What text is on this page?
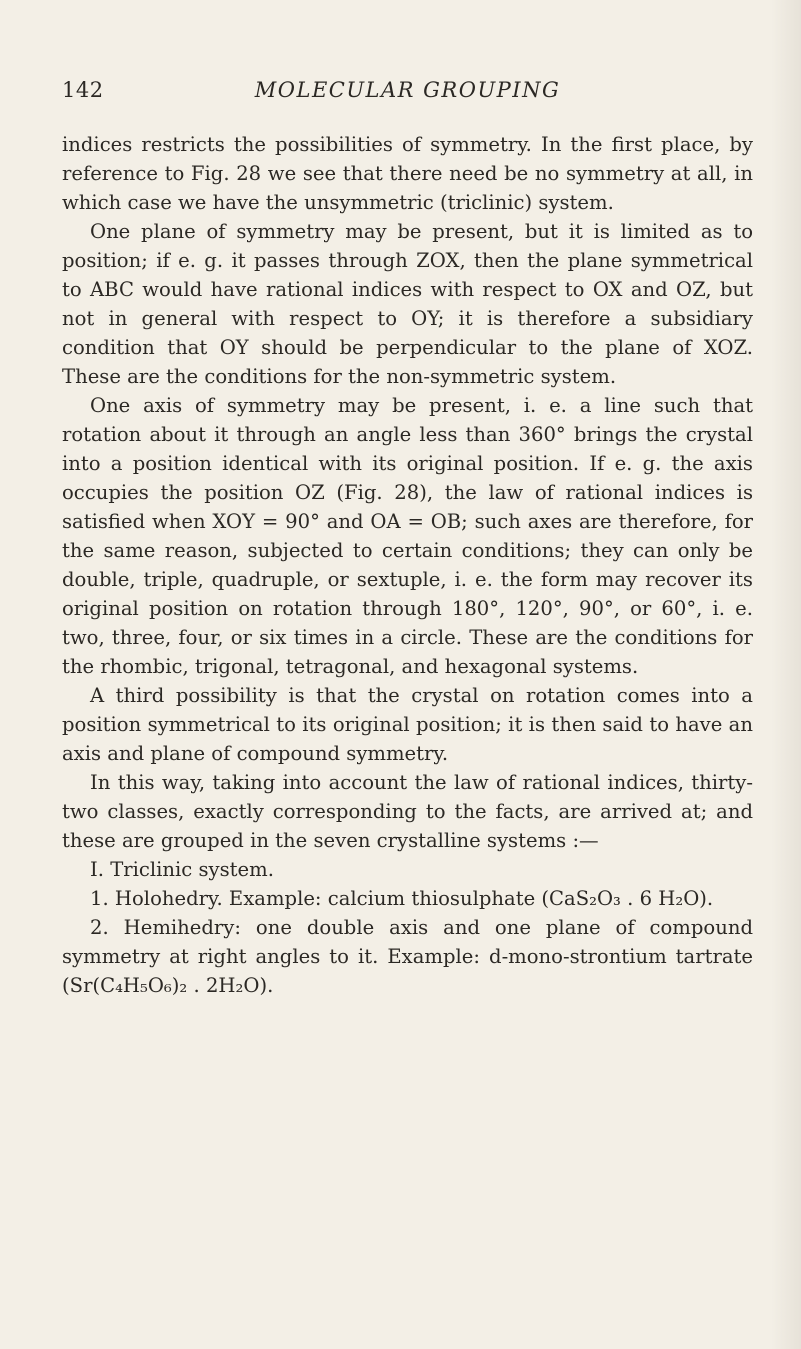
142	MOLECULAR GROUPING

indices restricts the possibilities of symmetry. In the first place, by reference to Fig. 28 we see that there need be no symmetry at all, in which case we have the unsymmetric (triclinic) system.

One plane of symmetry may be present, but it is limited as to position; if e. g. it passes through ZOX, then the plane symmetrical to ABC would have rational indices with respect to OX and OZ, but not in general with respect to OY; it is therefore a subsidiary condition that OY should be perpendicular to the plane of XOZ. These are the conditions for the non-symmetric system.

One axis of symmetry may be present, i. e. a line such that rotation about it through an angle less than 360° brings the crystal into a position identical with its original position. If e. g. the axis occupies the position OZ (Fig. 28), the law of rational indices is satisfied when XOY = 90° and OA = OB; such axes are therefore, for the same reason, subjected to certain conditions; they can only be double, triple, quadruple, or sextuple, i. e. the form may recover its original position on rotation through 180°, 120°, 90°, or 60°, i. e. two, three, four, or six times in a circle. These are the conditions for the rhombic, trigonal, tetragonal, and hexagonal systems.

A third possibility is that the crystal on rotation comes into a position symmetrical to its original position; it is then said to have an axis and plane of compound symmetry.

In this way, taking into account the law of rational indices, thirty-two classes, exactly corresponding to the facts, are arrived at; and these are grouped in the seven crystalline systems :—

I. Triclinic system.

1. Holohedry. Example: calcium thiosulphate (CaS₂O₃ . 6 H₂O).

2. Hemihedry: one double axis and one plane of compound symmetry at right angles to it. Example: d-mono-strontium tartrate (Sr(C₄H₅O₆)₂ . 2H₂O).
